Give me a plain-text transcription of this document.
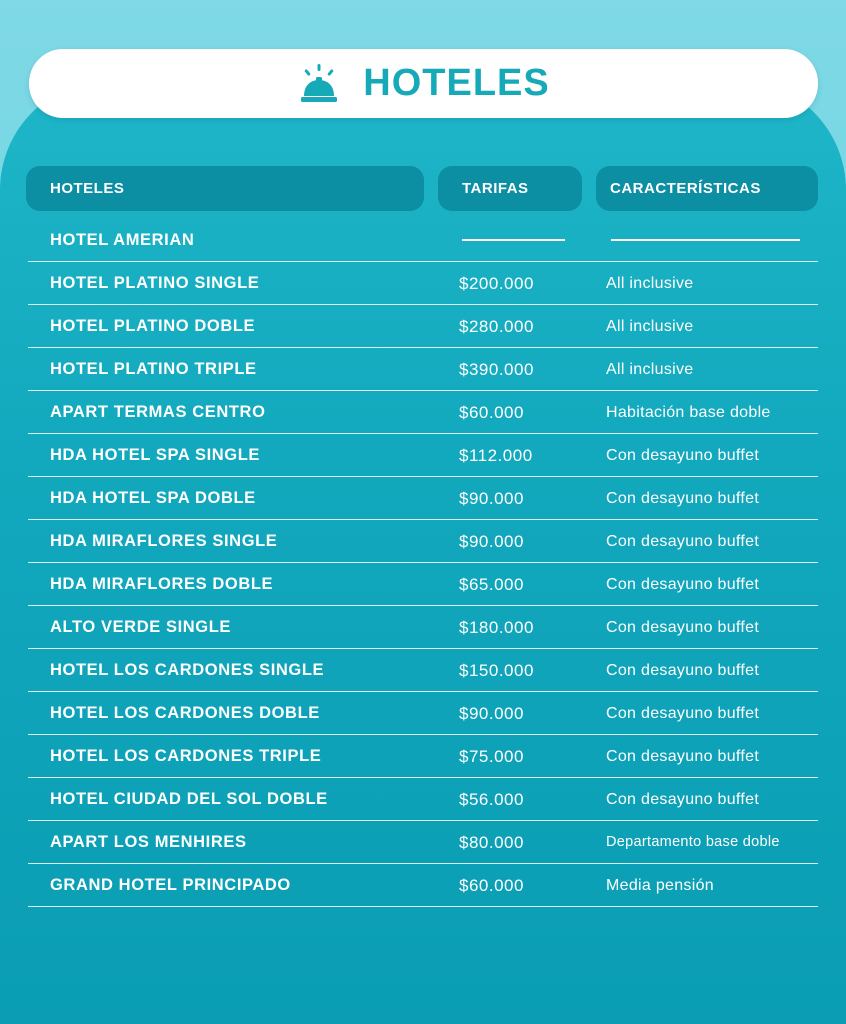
HOTELES
HOTELES	TARIFAS	CARACTERÍSTICAS
HOTEL AMERIAN
HOTEL PLATINO SINGLE	$200.000	All inclusive
HOTEL PLATINO DOBLE	$280.000	All inclusive
HOTEL PLATINO TRIPLE	$390.000	All inclusive
APART TERMAS CENTRO	$60.000	Habitación base doble
HDA HOTEL SPA SINGLE	$112.000	Con desayuno buffet
HDA HOTEL SPA DOBLE	$90.000	Con desayuno buffet
HDA MIRAFLORES SINGLE	$90.000	Con desayuno buffet
HDA MIRAFLORES DOBLE	$65.000	Con desayuno buffet
ALTO VERDE SINGLE	$180.000	Con desayuno buffet
HOTEL LOS CARDONES SINGLE	$150.000	Con desayuno buffet
HOTEL LOS CARDONES DOBLE	$90.000	Con desayuno buffet
HOTEL LOS CARDONES TRIPLE	$75.000	Con desayuno buffet
HOTEL CIUDAD DEL SOL DOBLE	$56.000	Con desayuno buffet
APART LOS MENHIRES	$80.000	Departamento base doble
GRAND HOTEL PRINCIPADO	$60.000	Media pensión
